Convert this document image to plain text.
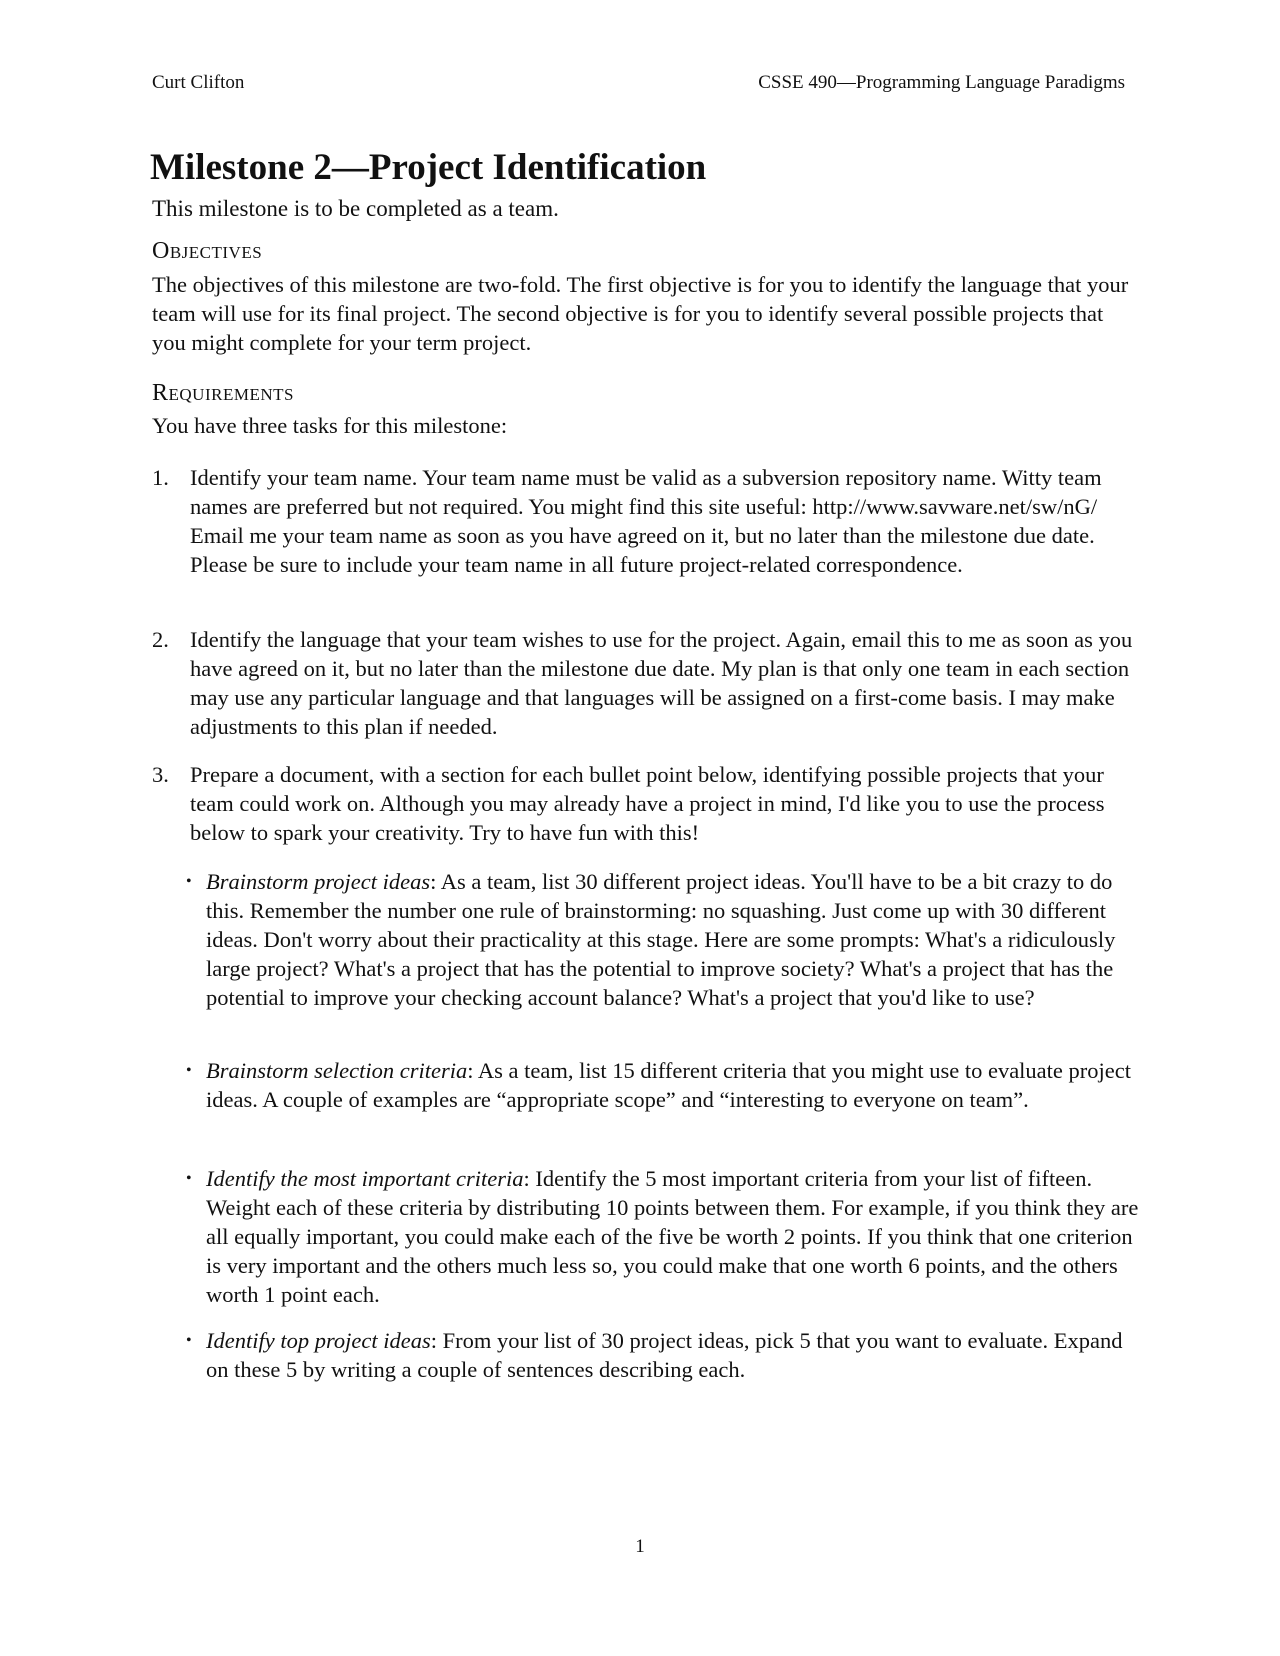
Curt Clifton	CSSE 490—Programming Language Paradigms
Milestone 2—Project Identification

This milestone is to be completed as a team.

Objectives

The objectives of this milestone are two-fold. The first objective is for you to identify the language that your team will use for its final project. The second objective is for you to identify several possible projects that you might complete for your term project.

Requirements

You have three tasks for this milestone:

1. Identify your team name. Your team name must be valid as a subversion repository name. Witty team names are preferred but not required. You might find this site useful: http://www.savware.net/sw/nG/ Email me your team name as soon as you have agreed on it, but no later than the milestone due date. Please be sure to include your team name in all future project-related correspondence.
2. Identify the language that your team wishes to use for the project. Again, email this to me as soon as you have agreed on it, but no later than the milestone due date. My plan is that only one team in each section may use any particular language and that languages will be assigned on a first-come basis. I may make adjustments to this plan if needed.
3. Prepare a document, with a section for each bullet point below, identifying possible projects that your team could work on. Although you may already have a project in mind, I'd like you to use the process below to spark your creativity. Try to have fun with this!
• Brainstorm project ideas: As a team, list 30 different project ideas. You'll have to be a bit crazy to do this. Remember the number one rule of brainstorming: no squashing. Just come up with 30 different ideas. Don't worry about their practicality at this stage. Here are some prompts: What's a ridiculously large project? What's a project that has the potential to improve society? What's a project that has the potential to improve your checking account balance? What's a project that you'd like to use?
• Brainstorm selection criteria: As a team, list 15 different criteria that you might use to evaluate project ideas. A couple of examples are “appropriate scope” and “interesting to everyone on team”.
• Identify the most important criteria: Identify the 5 most important criteria from your list of fifteen. Weight each of these criteria by distributing 10 points between them. For example, if you think they are all equally important, you could make each of the five be worth 2 points. If you think that one criterion is very important and the others much less so, you could make that one worth 6 points, and the others worth 1 point each.
• Identify top project ideas: From your list of 30 project ideas, pick 5 that you want to evaluate. Expand on these 5 by writing a couple of sentences describing each.
1
